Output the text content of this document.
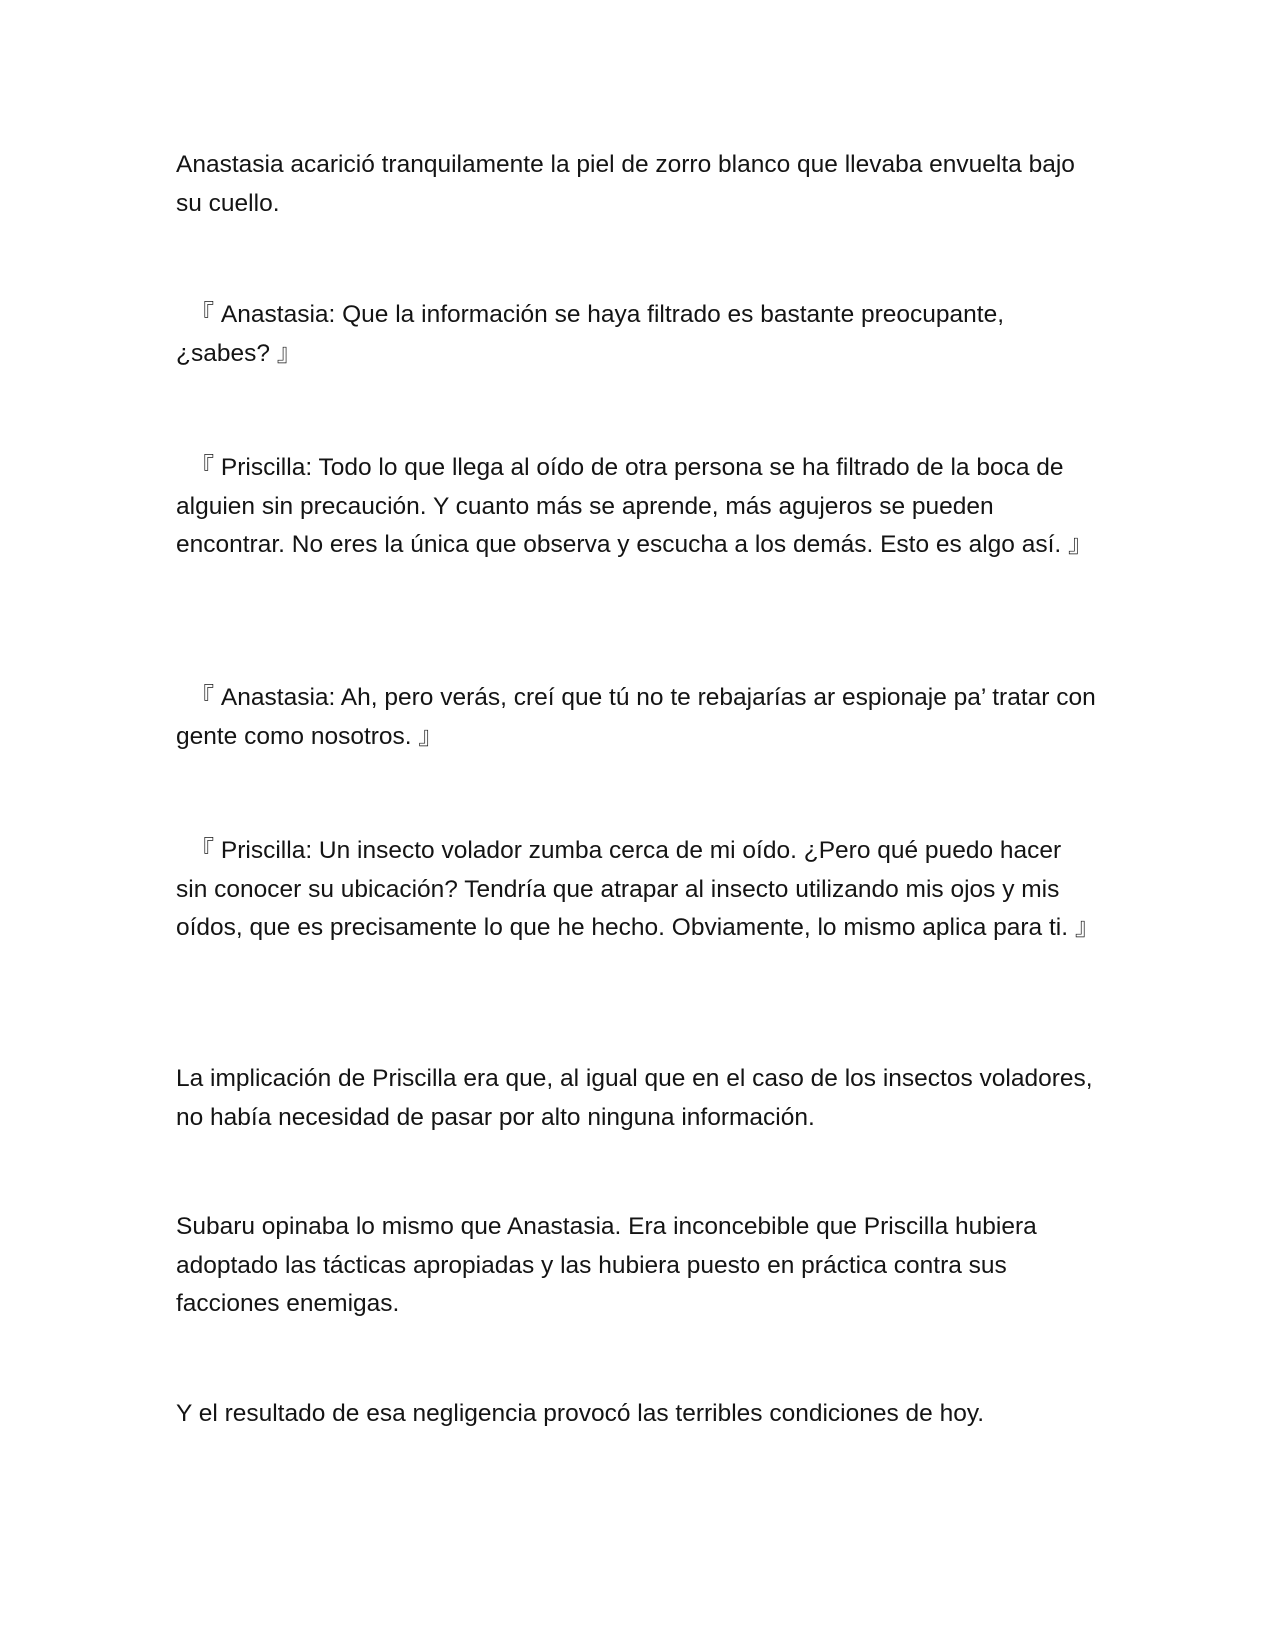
Anastasia acarició tranquilamente la piel de zorro blanco que llevaba envuelta bajo su cuello.

『 Anastasia: Que la información se haya filtrado es bastante preocupante, ¿sabes? 』

『 Priscilla: Todo lo que llega al oído de otra persona se ha filtrado de la boca de alguien sin precaución. Y cuanto más se aprende, más agujeros se pueden encontrar. No eres la única que observa y escucha a los demás. Esto es algo así. 』

『 Anastasia: Ah, pero verás, creí que tú no te rebajarías ar espionaje pa’ tratar con gente como nosotros. 』

『 Priscilla: Un insecto volador zumba cerca de mi oído. ¿Pero qué puedo hacer sin conocer su ubicación? Tendría que atrapar al insecto utilizando mis ojos y mis oídos, que es precisamente lo que he hecho. Obviamente, lo mismo aplica para ti. 』

La implicación de Priscilla era que, al igual que en el caso de los insectos voladores, no había necesidad de pasar por alto ninguna información.

Subaru opinaba lo mismo que Anastasia. Era inconcebible que Priscilla hubiera adoptado las tácticas apropiadas y las hubiera puesto en práctica contra sus facciones enemigas.

Y el resultado de esa negligencia provocó las terribles condiciones de hoy.
